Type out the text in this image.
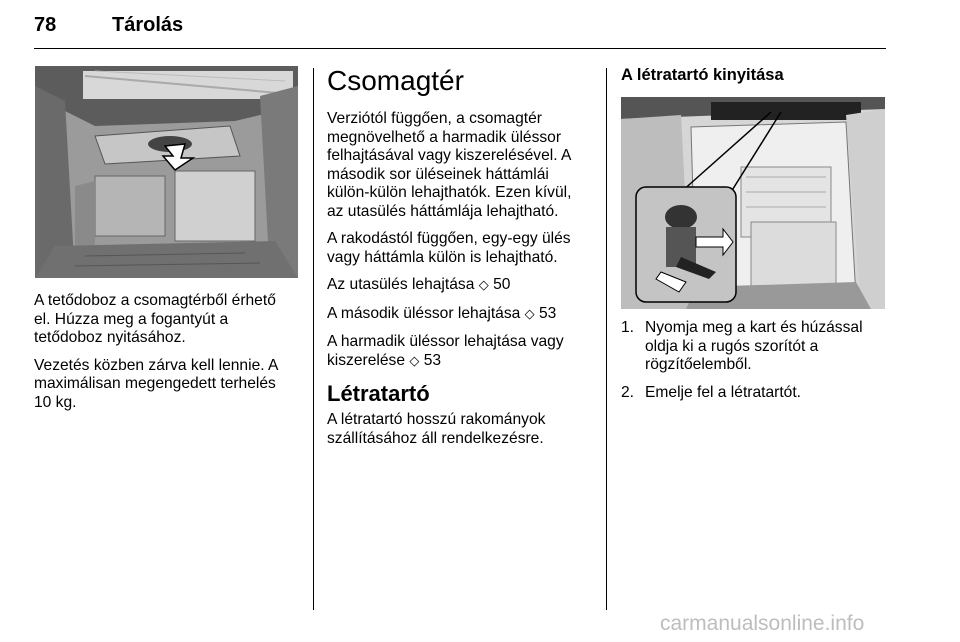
78	Tárolás

A tetődoboz a csomagtérből érhető el. Húzza meg a fogantyút a tetődoboz nyitásához.

Vezetés közben zárva kell lennie. A maximálisan megengedett terhelés 10 kg.

Csomagtér

Verziótól függően, a csomagtér megnövelhető a harmadik üléssor felhajtásával vagy kiszerelésével. A második sor üléseinek háttámlái külön-külön lehajthatók. Ezen kívül, az utasülés háttámlája lehajtható.

A rakodástól függően, egy-egy ülés vagy háttámla külön is lehajtható.

Az utasülés lehajtása ◇ 50

A második üléssor lehajtása ◇ 53

A harmadik üléssor lehajtása vagy kiszerelése ◇ 53

Létratartó

A létratartó hosszú rakományok szállításához áll rendelkezésre.

A létratartó kinyitása
1. Nyomja meg a kart és húzással oldja ki a rugós szorítót a rögzítőelemből.
2. Emelje fel a létratartót.
carmanualsonline.info
